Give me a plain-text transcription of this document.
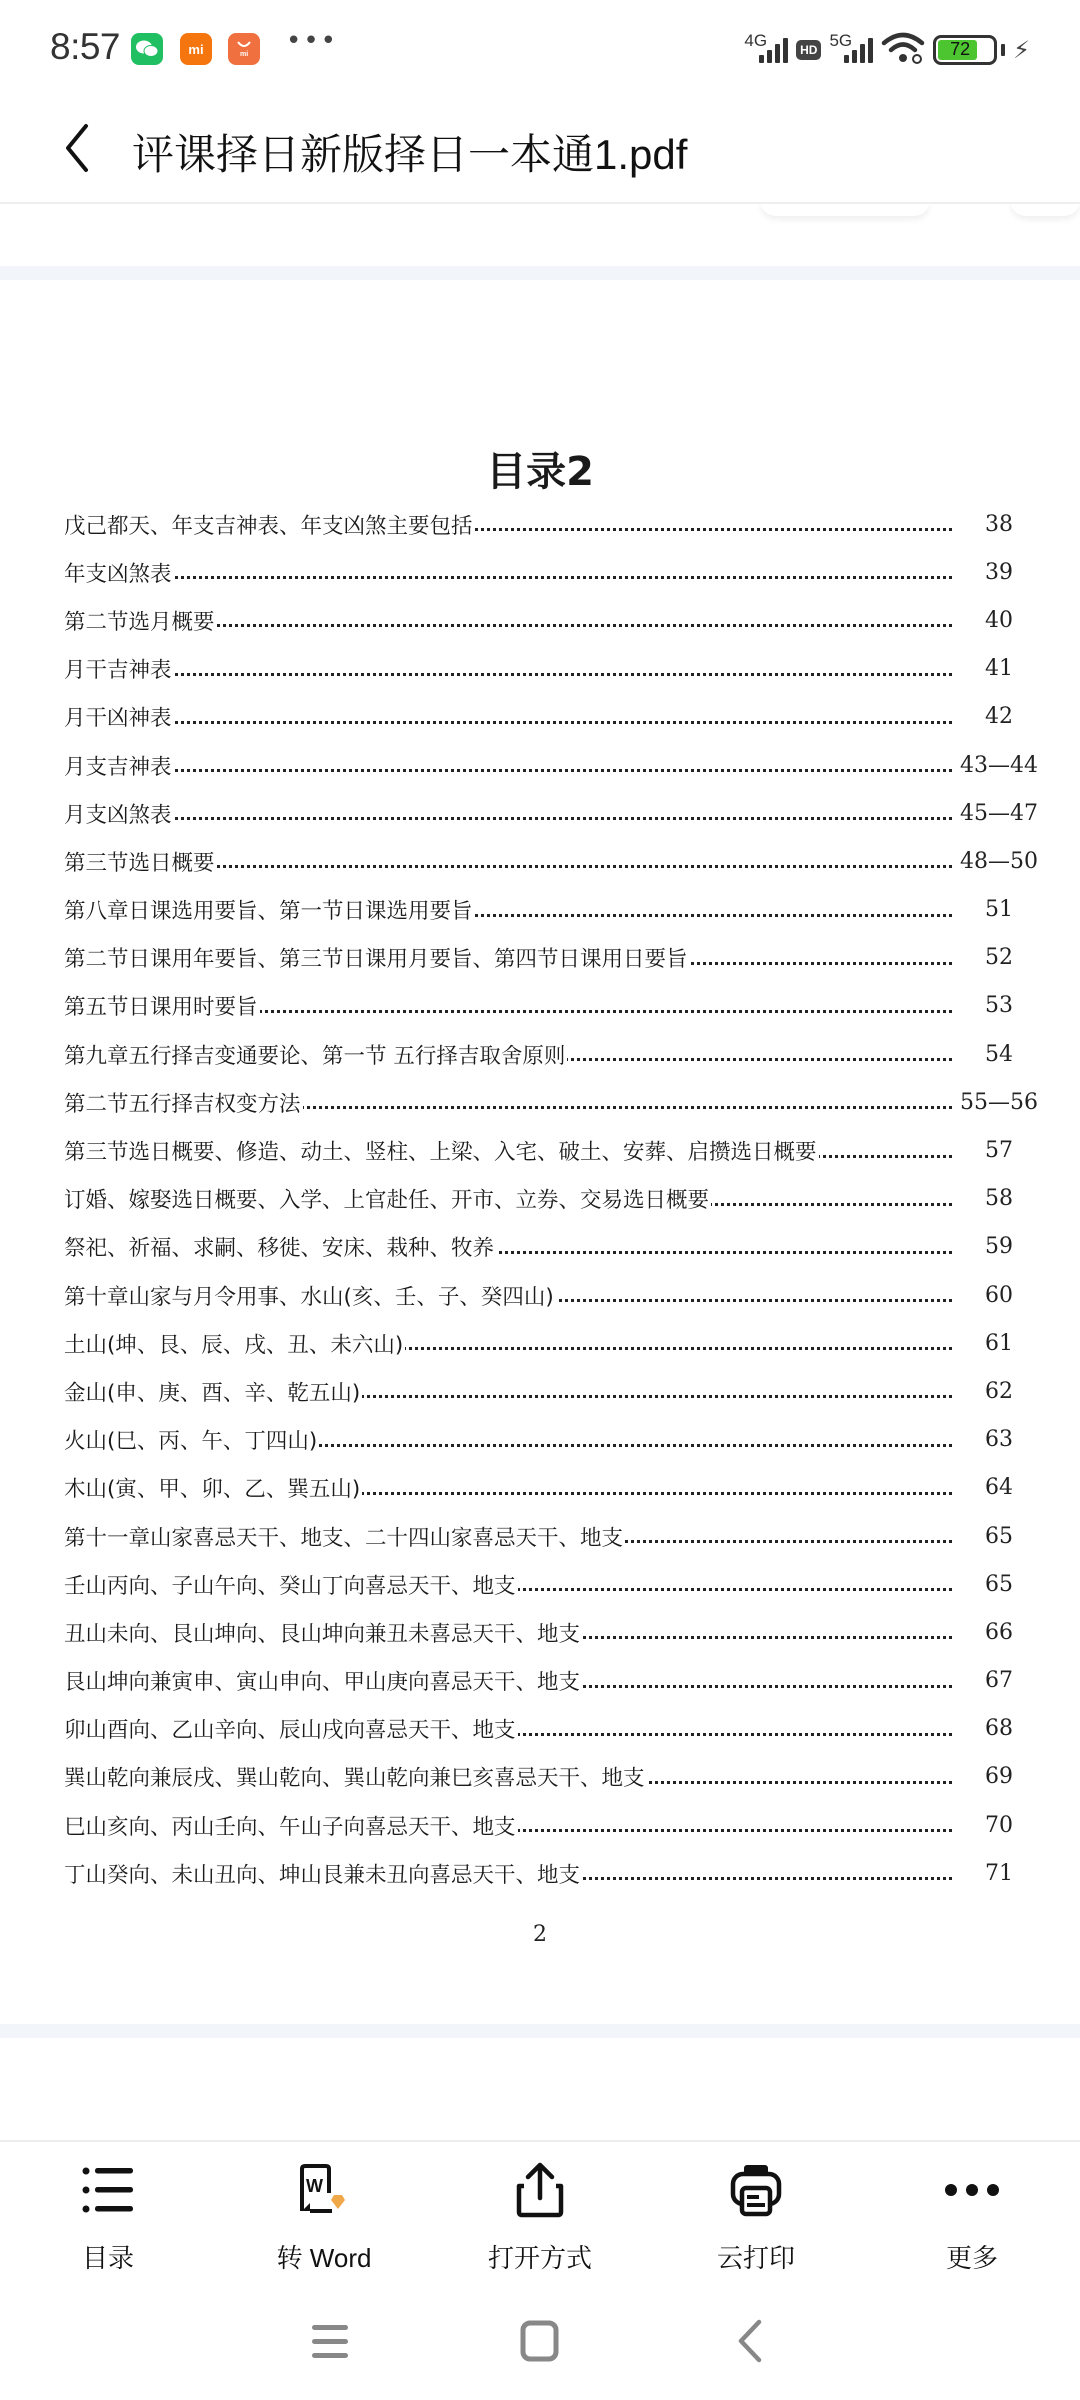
8:57	mi	mi •••	4G	HD 5G	72	⚡
评课择日新版择日一本通1.pdf
目录2
戊己都天、年支吉神表、年支凶煞主要包括	38
年支凶煞表	39
第二节选月概要	40
月干吉神表	41
月干凶神表	42
月支吉神表	43—44
月支凶煞表	45—47
第三节选日概要	48—50
第八章日课选用要旨、第一节日课选用要旨	51
第二节日课用年要旨、第三节日课用月要旨、第四节日课用日要旨	52
第五节日课用时要旨	53
第九章五行择吉变通要论、第一节 五行择吉取舍原则	54
第二节五行择吉权变方法	55—56
第三节选日概要、修造、动土、竖柱、上梁、入宅、破土、安葬、启攒选日概要	57
订婚、嫁娶选日概要、入学、上官赴任、开市、立券、交易选日概要	58
祭祀、祈福、求嗣、移徙、安床、栽种、牧养	59
第十章山家与月令用事、水山(亥、壬、子、癸四山)	60
土山(坤、艮、辰、戌、丑、未六山)	61
金山(申、庚、酉、辛、乾五山)	62
火山(巳、丙、午、丁四山)	63
木山(寅、甲、卯、乙、巽五山)	64
第十一章山家喜忌天干、地支、二十四山家喜忌天干、地支	65
壬山丙向、子山午向、癸山丁向喜忌天干、地支	65
丑山未向、艮山坤向、艮山坤向兼丑未喜忌天干、地支	66
艮山坤向兼寅申、寅山申向、甲山庚向喜忌天干、地支	67
卯山酉向、乙山辛向、辰山戌向喜忌天干、地支	68
巽山乾向兼辰戌、巽山乾向、巽山乾向兼巳亥喜忌天干、地支	69
巳山亥向、丙山壬向、午山子向喜忌天干、地支	70
丁山癸向、未山丑向、坤山艮兼未丑向喜忌天干、地支	71
2
目录
W
转 Word	打开方式	云打印	更多
